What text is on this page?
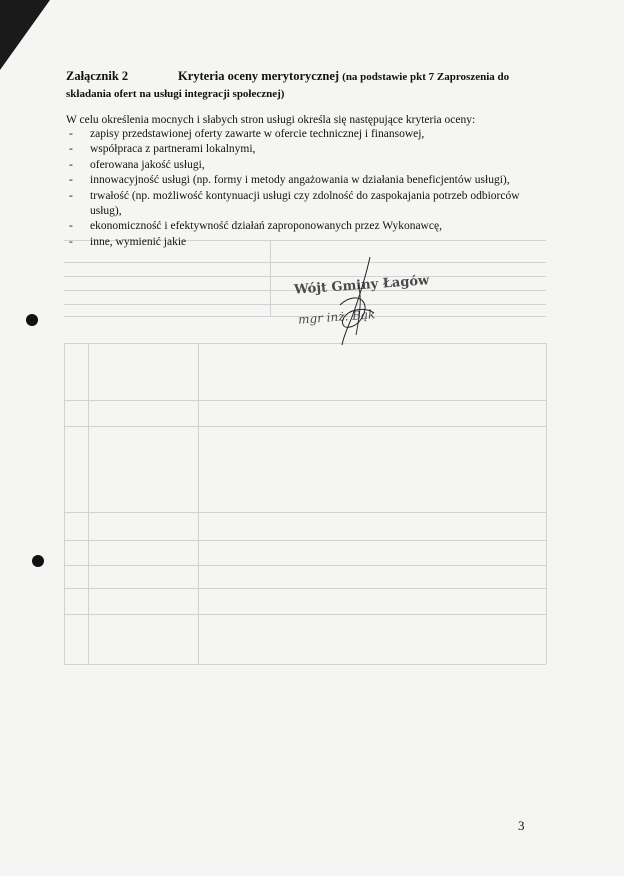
Załącznik 2	Kryteria oceny merytorycznej (na podstawie pkt 7 Zaproszenia do składania ofert na usługi integracji społecznej)
W celu określenia mocnych i słabych stron usługi określa się następujące kryteria oceny:
- zapisy przedstawionej oferty zawarte w ofercie technicznej i finansowej,
- współpraca z partnerami lokalnymi,
- oferowana jakość usługi,
- innowacyjność usługi (np. formy i metody angażowania w działania beneficjentów usługi),
- trwałość (np. możliwość kontynuacji usługi czy zdolność do zaspokajania potrzeb odbiorców usług),
- ekonomiczność i efektywność działań zaproponowanych przez Wykonawcę,
- inne, wymienić jakie
Wójt Gminy Łagów
mgr inż. Bąk
3
